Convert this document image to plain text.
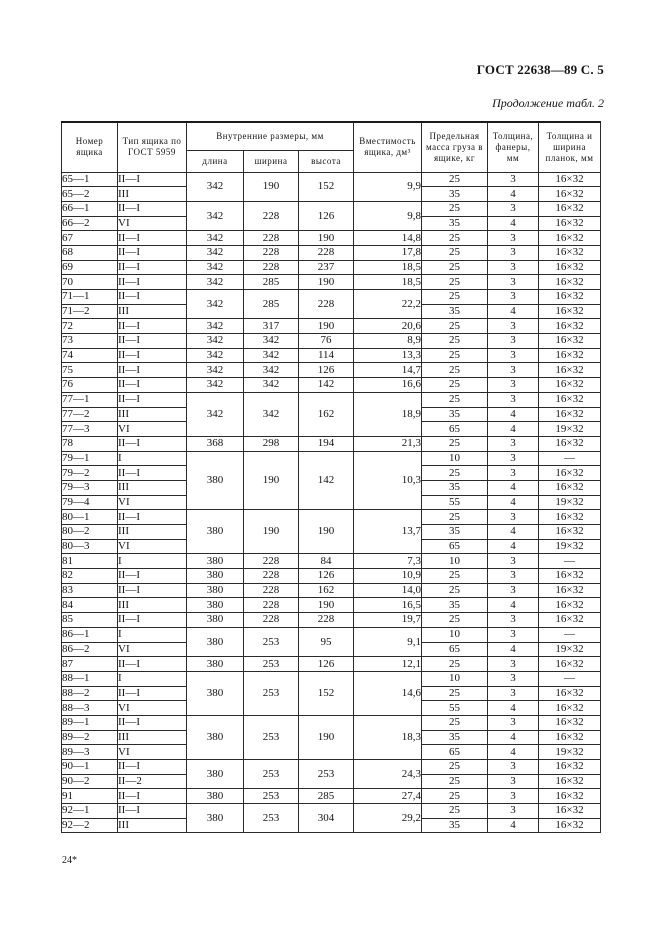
ГОСТ 22638—89 С. 5
Продолжение табл. 2
Номер ящика	Тип ящика по ГОСТ 5959	Внутренние размеры, мм			Вместимость ящика, дм³	Предельная масса груза в ящике, кг	Толщина, фанеры, мм	Толщина и ширина планок, мм
		длина	ширина	высота				
65—1	II—I	342	190	152	9,9	25	3	16×32
65—2	III					35	4	16×32
66—1	II—I	342	228	126	9,8	25	3	16×32
66—2	VI					35	4	16×32
67	II—I	342	228	190	14,8	25	3	16×32
68	II—I	342	228	228	17,8	25	3	16×32
69	II—I	342	228	237	18,5	25	3	16×32
70	II—I	342	285	190	18,5	25	3	16×32
71—1	II—I	342	285	228	22,2	25	3	16×32
71—2	III					35	4	16×32
72	II—I	342	317	190	20,6	25	3	16×32
73	II—I	342	342	76	8,9	25	3	16×32
74	II—I	342	342	114	13,3	25	3	16×32
75	II—I	342	342	126	14,7	25	3	16×32
76	II—I	342	342	142	16,6	25	3	16×32
77—1	II—I	342	342	162	18,9	25	3	16×32
77—2	III					35	4	16×32
77—3	VI					65	4	19×32
78	II—I	368	298	194	21,3	25	3	16×32
79—1	I	380	190	142	10,3	10	3	—
79—2	II—I					25	3	16×32
79—3	III					35	4	16×32
79—4	VI					55	4	19×32
80—1	II—I	380	190	190	13,7	25	3	16×32
80—2	III					35	4	16×32
80—3	VI					65	4	19×32
81	I	380	228	84	7,3	10	3	—
82	II—I	380	228	126	10,9	25	3	16×32
83	II—I	380	228	162	14,0	25	3	16×32
84	III	380	228	190	16,5	35	4	16×32
85	II—I	380	228	228	19,7	25	3	16×32
86—1	I	380	253	95	9,1	10	3	—
86—2	VI					65	4	19×32
87	II—I	380	253	126	12,1	25	3	16×32
88—1	I	380	253	152	14,6	10	3	—
88—2	II—I					25	3	16×32
88—3	VI					55	4	16×32
89—1	II—I	380	253	190	18,3	25	3	16×32
89—2	III					35	4	16×32
89—3	VI					65	4	19×32
90—1	II—I	380	253	253	24,3	25	3	16×32
90—2	II—2					25	3	16×32
91	II—I	380	253	285	27,4	25	3	16×32
92—1	II—I	380	253	304	29,2	25	3	16×32
92—2	III					35	4	16×32
24*
